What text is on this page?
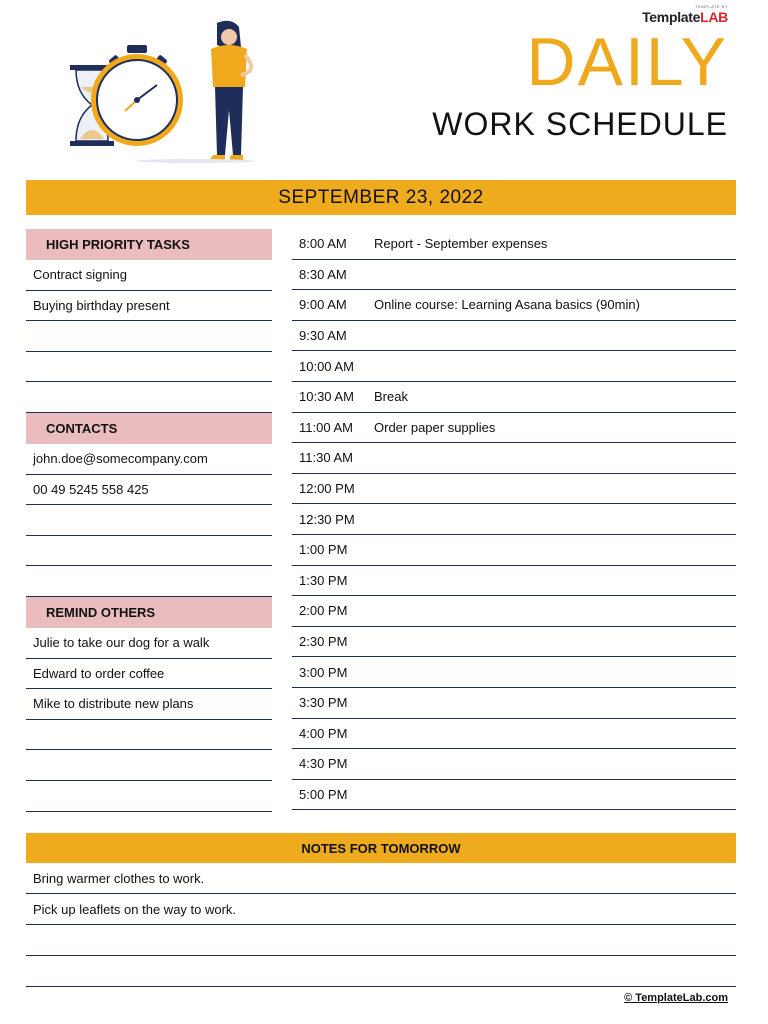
TEMPLATE BY
TemplateLAB
DAILY
WORK SCHEDULE
SEPTEMBER 23, 2022
HIGH PRIORITY TASKS
Contract signing
Buying birthday present
CONTACTS
john.doe@somecompany.com
00 49 5245 558 425
REMIND OTHERS
Julie to take our dog for a walk
Edward to order coffee
Mike to distribute new plans
8:00 AM	Report - September expenses
8:30 AM
9:00 AM	Online course: Learning Asana basics (90min)
9:30 AM
10:00 AM
10:30 AM	Break
11:00 AM	Order paper supplies
11:30 AM
12:00 PM
12:30 PM
1:00 PM
1:30 PM
2:00 PM
2:30 PM
3:00 PM
3:30 PM
4:00 PM
4:30 PM
5:00 PM
NOTES FOR TOMORROW
Bring warmer clothes to work.
Pick up leaflets on the way to work.
© TemplateLab.com
